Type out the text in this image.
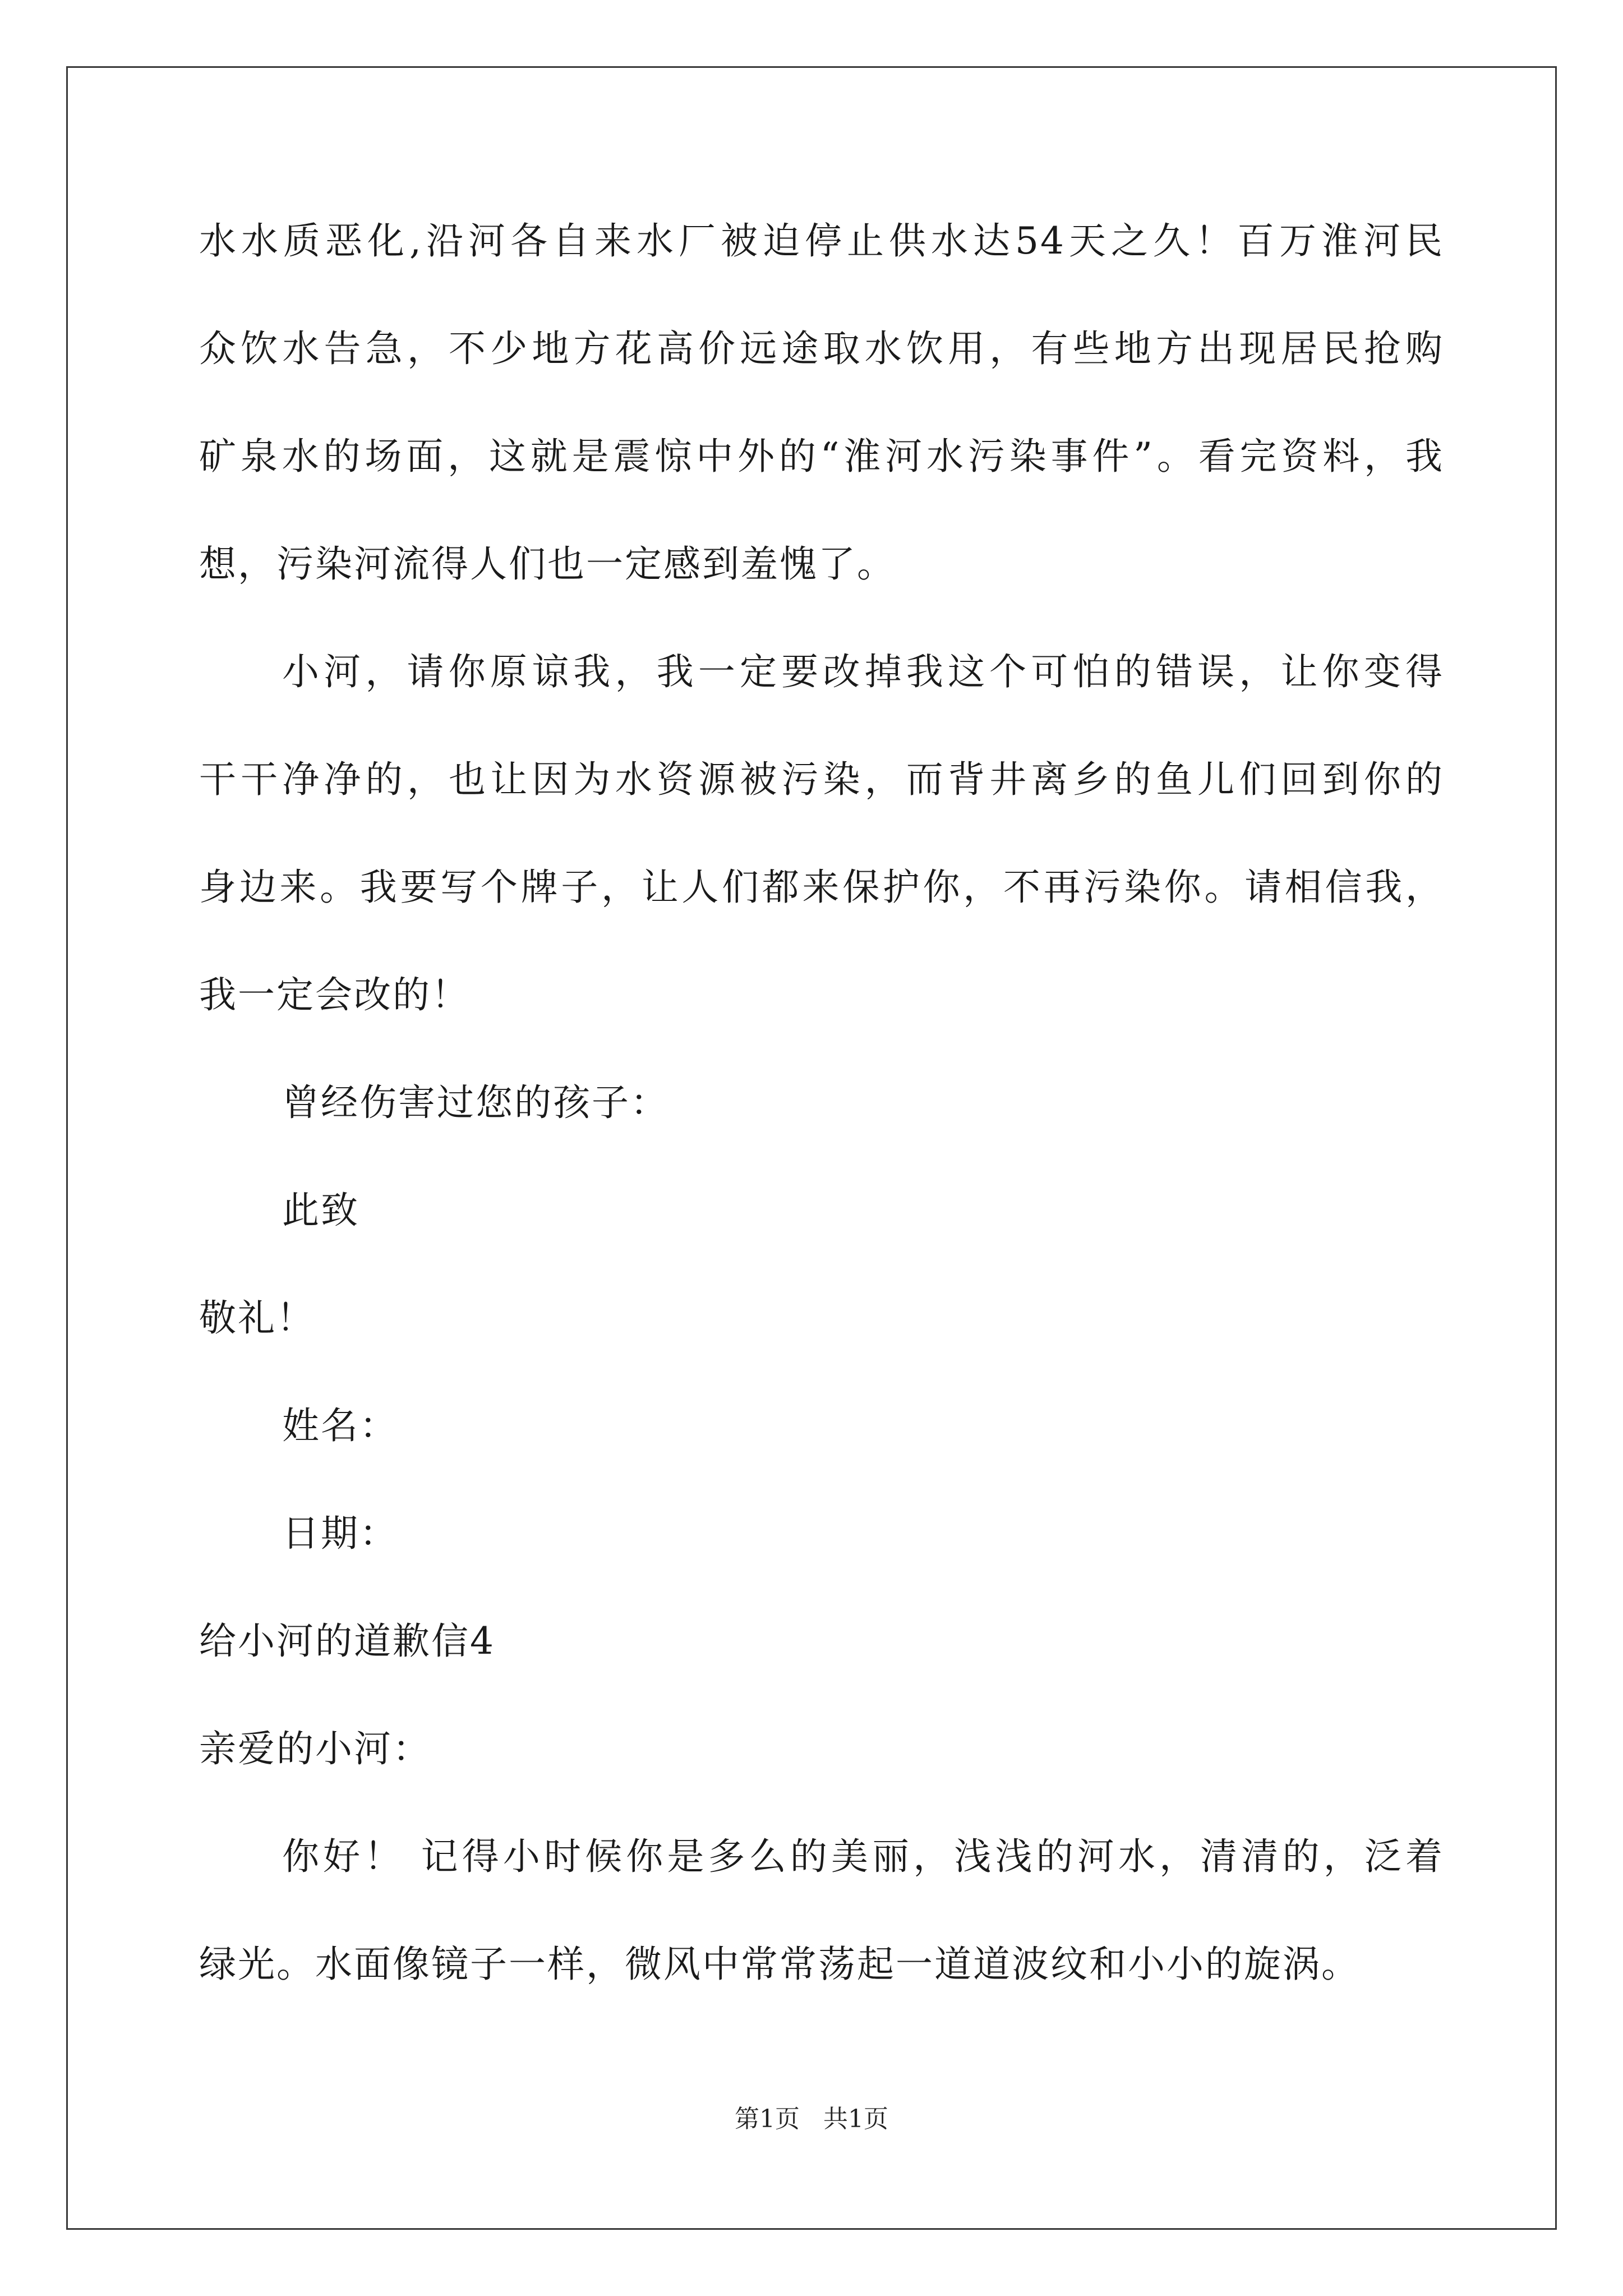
水水质恶化,沿河各自来水厂被迫停止供水达54天之久！百万淮河民
众饮水告急，不少地方花高价远途取水饮用，有些地方出现居民抢购
矿泉水的场面，这就是震惊中外的“淮河水污染事件”。看完资料，我
想，污染河流得人们也一定感到羞愧了。
小河，请你原谅我，我一定要改掉我这个可怕的错误，让你变得
干干净净的，也让因为水资源被污染，而背井离乡的鱼儿们回到你的
身边来。我要写个牌子，让人们都来保护你，不再污染你。请相信我，
我一定会改的！
曾经伤害过您的孩子：
此致
敬礼！
姓名：
日期：
给小河的道歉信4
亲爱的小河：
你好！ 记得小时候你是多么的美丽，浅浅的河水，清清的，泛着
绿光。水面像镜子一样，微风中常常荡起一道道波纹和小小的旋涡。
第1页 共1页
